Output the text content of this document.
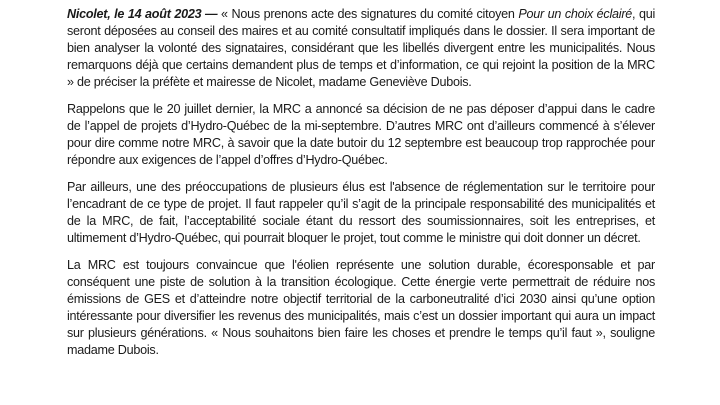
Nicolet, le 14 août 2023 — « Nous prenons acte des signatures du comité citoyen Pour un choix éclairé, qui seront déposées au conseil des maires et au comité consultatif impliqués dans le dossier. Il sera important de bien analyser la volonté des signataires, considérant que les libellés divergent entre les municipalités. Nous remarquons déjà que certains demandent plus de temps et d’information, ce qui rejoint la position de la MRC » de préciser la préfète et mairesse de Nicolet, madame Geneviève Dubois.

Rappelons que le 20 juillet dernier, la MRC a annoncé sa décision de ne pas déposer d’appui dans le cadre de l’appel de projets d’Hydro-Québec de la mi-septembre. D’autres MRC ont d’ailleurs commencé à s’élever pour dire comme notre MRC, à savoir que la date butoir du 12 septembre est beaucoup trop rapprochée pour répondre aux exigences de l’appel d’offres d’Hydro-Québec.

Par ailleurs, une des préoccupations de plusieurs élus est l'absence de réglementation sur le territoire pour l’encadrant de ce type de projet. Il faut rappeler qu’il s’agit de la principale responsabilité des municipalités et de la MRC, de fait, l’acceptabilité sociale étant du ressort des soumissionnaires, soit les entreprises, et ultimement d’Hydro-Québec, qui pourrait bloquer le projet, tout comme le ministre qui doit donner un décret.

La MRC est toujours convaincue que l'éolien représente une solution durable, écoresponsable et par conséquent une piste de solution à la transition écologique. Cette énergie verte permettrait de réduire nos émissions de GES et d’atteindre notre objectif territorial de la carboneutralité d’ici 2030 ainsi qu’une option intéressante pour diversifier les revenus des municipalités, mais c’est un dossier important qui aura un impact sur plusieurs générations. « Nous souhaitons bien faire les choses et prendre le temps qu’il faut », souligne madame Dubois.
